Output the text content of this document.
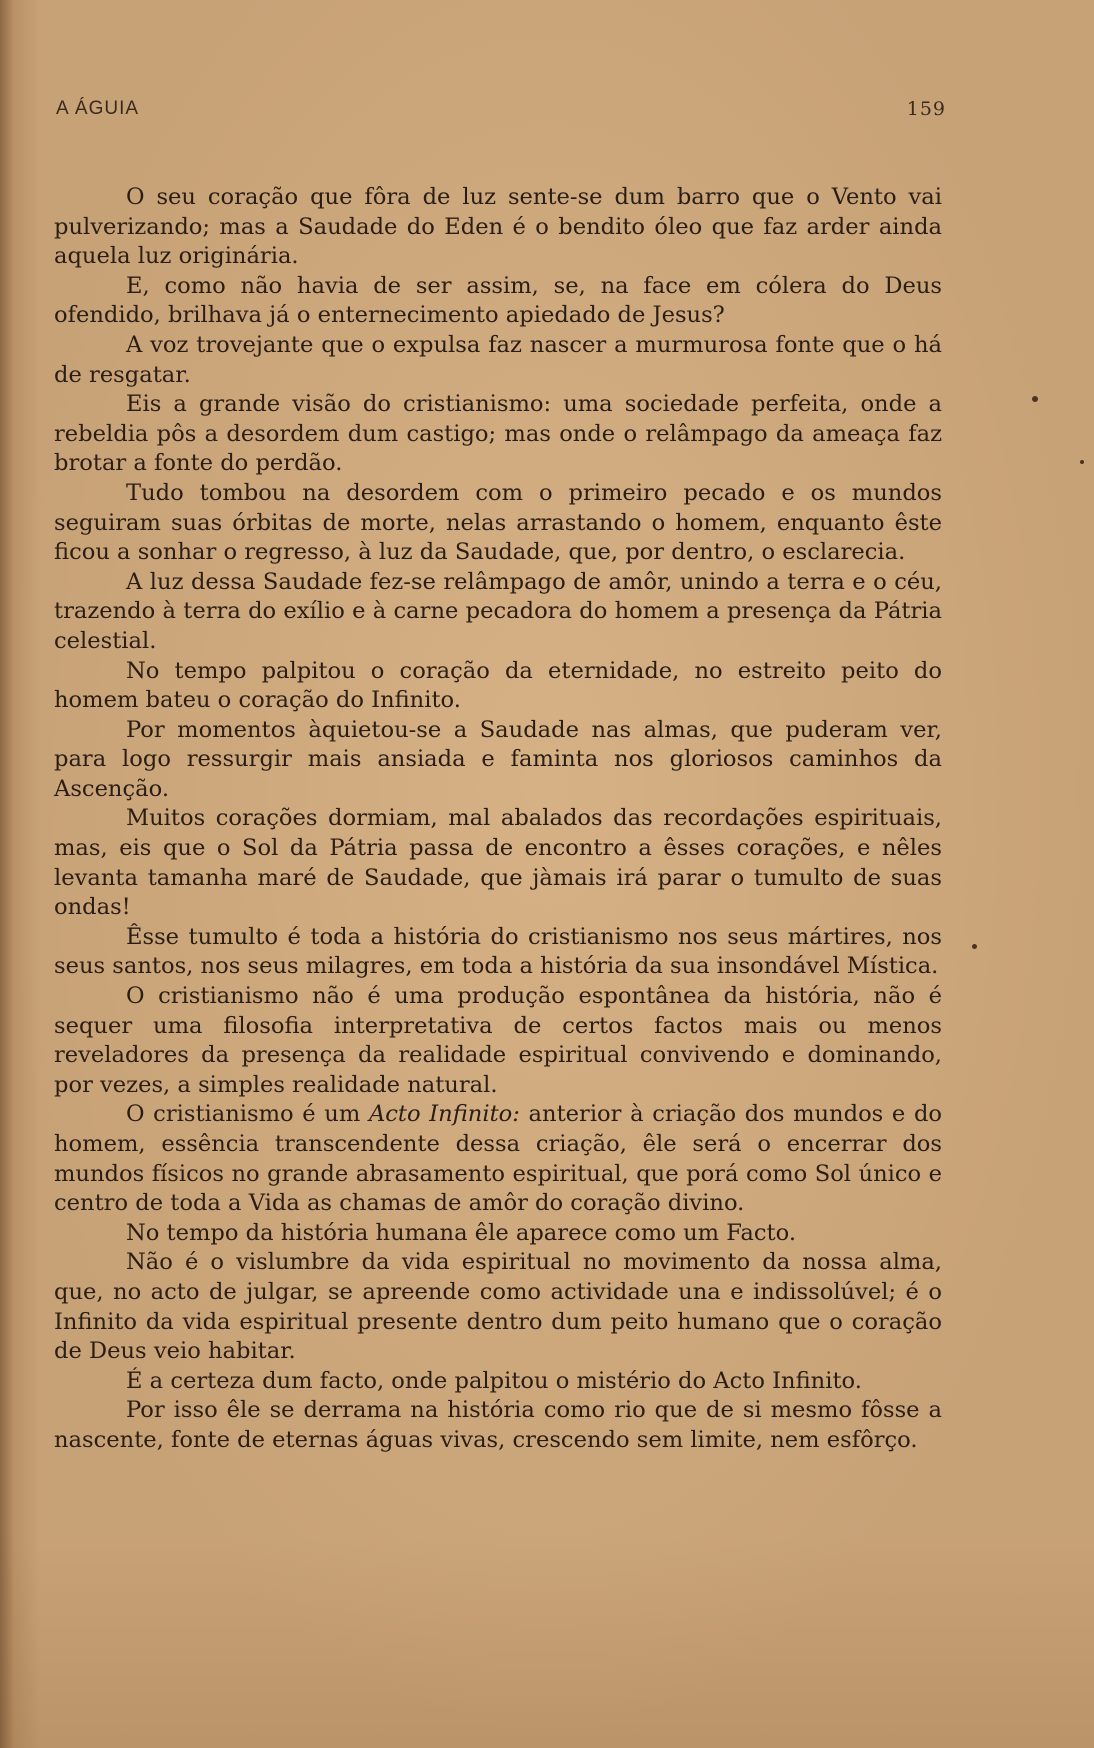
A ÁGUIA	159

O seu coração que fôra de luz sente-se dum barro que o Vento vai pulverizando; mas a Saudade do Eden é o bendito óleo que faz arder ainda aquela luz originária.

E, como não havia de ser assim, se, na face em cólera do Deus ofendido, brilhava já o enternecimento apiedado de Jesus?

A voz trovejante que o expulsa faz nascer a murmurosa fonte que o há de resgatar.

Eis a grande visão do cristianismo: uma sociedade perfeita, onde a rebeldia pôs a desordem dum castigo; mas onde o relâmpago da ameaça faz brotar a fonte do perdão.

Tudo tombou na desordem com o primeiro pecado e os mundos seguiram suas órbitas de morte, nelas arrastando o homem, enquanto êste ficou a sonhar o regresso, à luz da Saudade, que, por dentro, o esclarecia.

A luz dessa Saudade fez-se relâmpago de amôr, unindo a terra e o céu, trazendo à terra do exílio e à carne pecadora do homem a presença da Pátria celestial.

No tempo palpitou o coração da eternidade, no estreito peito do homem bateu o coração do Infinito.

Por momentos àquietou-se a Saudade nas almas, que puderam ver, para logo ressurgir mais ansiada e faminta nos gloriosos caminhos da Ascenção.

Muitos corações dormiam, mal abalados das recordações espirituais, mas, eis que o Sol da Pátria passa de encontro a êsses corações, e nêles levanta tamanha maré de Saudade, que jàmais irá parar o tumulto de suas ondas!

Êsse tumulto é toda a história do cristianismo nos seus mártires, nos seus santos, nos seus milagres, em toda a história da sua insondável Mística.

O cristianismo não é uma produção espontânea da história, não é sequer uma filosofia interpretativa de certos factos mais ou menos reveladores da presença da realidade espiritual convivendo e dominando, por vezes, a simples realidade natural.

O cristianismo é um Acto Infinito: anterior à criação dos mundos e do homem, essência transcendente dessa criação, êle será o encerrar dos mundos físicos no grande abrasamento espiritual, que porá como Sol único e centro de toda a Vida as chamas de amôr do coração divino.

No tempo da história humana êle aparece como um Facto.

Não é o vislumbre da vida espiritual no movimento da nossa alma, que, no acto de julgar, se apreende como actividade una e indissolúvel; é o Infinito da vida espiritual presente dentro dum peito humano que o coração de Deus veio habitar.

É a certeza dum facto, onde palpitou o mistério do Acto Infinito.

Por isso êle se derrama na história como rio que de si mesmo fôsse a nascente, fonte de eternas águas vivas, crescendo sem limite, nem esfôrço.
